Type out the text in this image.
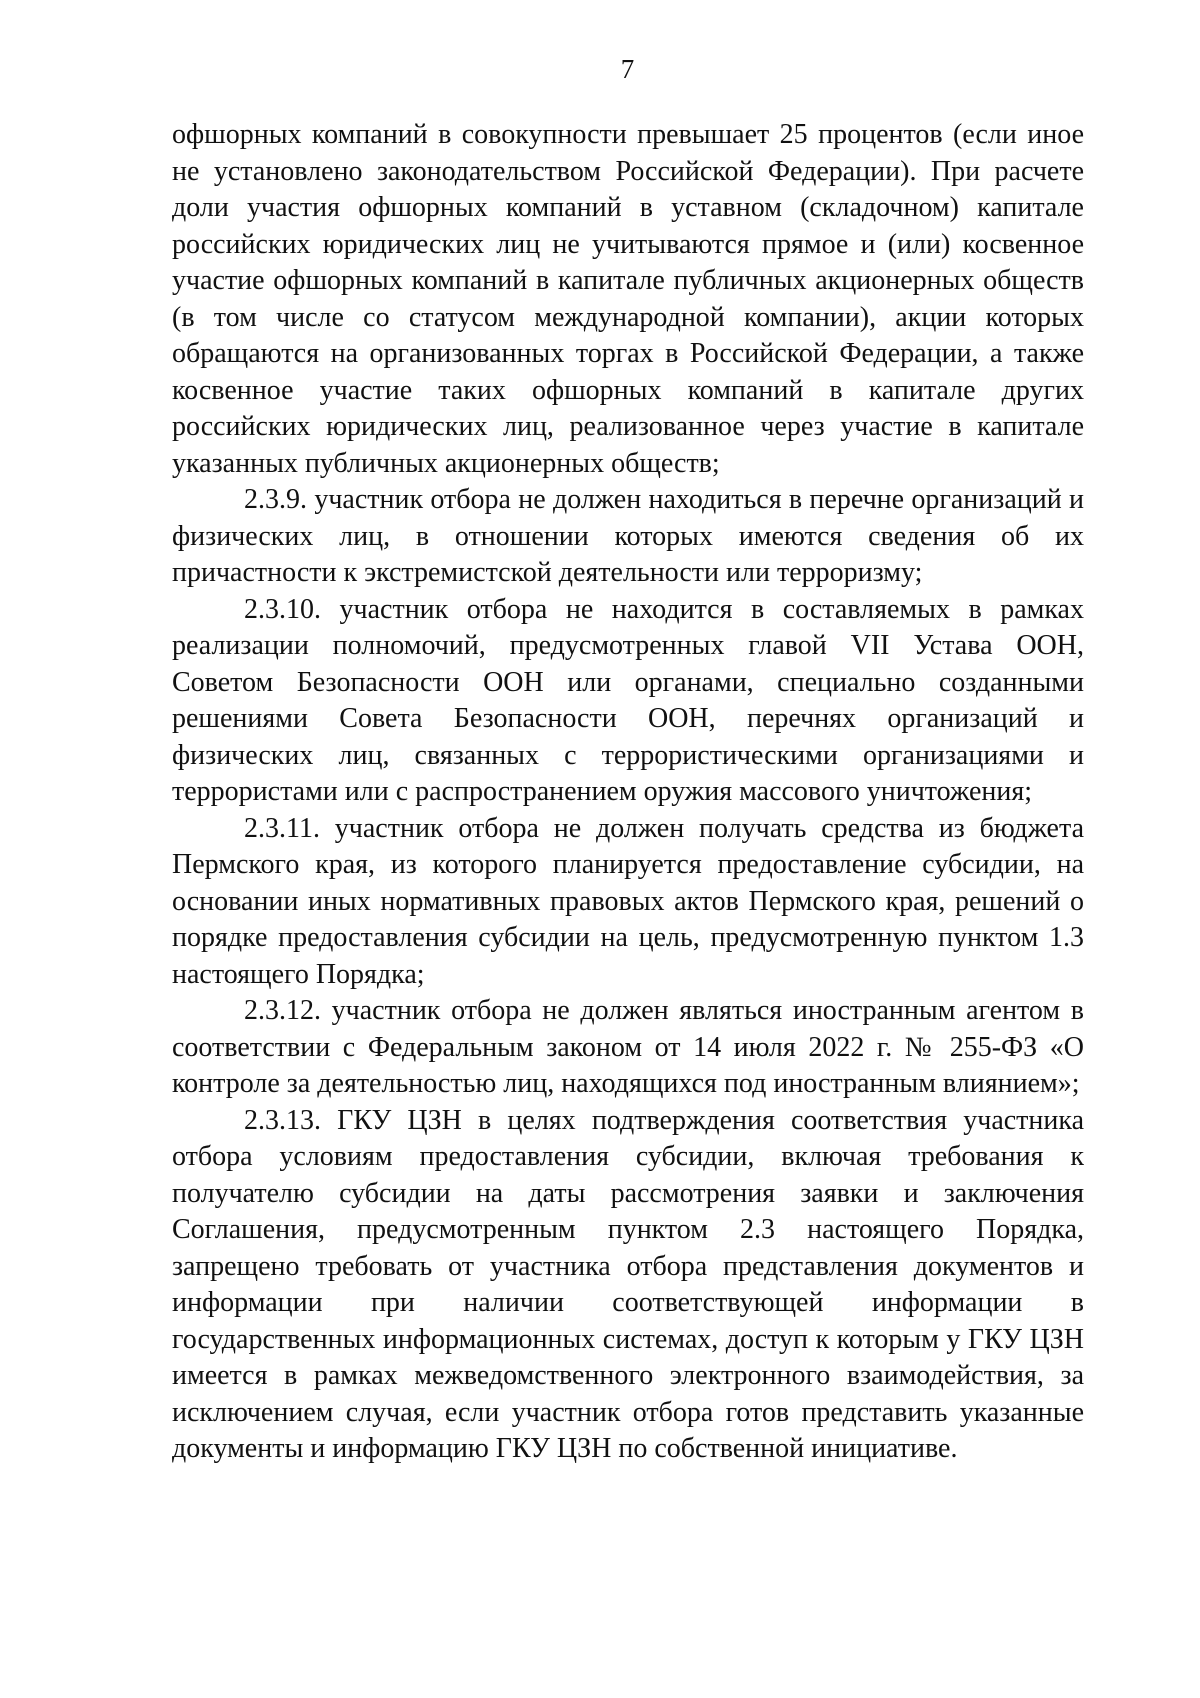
7

офшорных компаний в совокупности превышает 25 процентов (если иное не установлено законодательством Российской Федерации). При расчете доли участия офшорных компаний в уставном (складочном) капитале российских юридических лиц не учитываются прямое и (или) косвенное участие офшорных компаний в капитале публичных акционерных обществ (в том числе со статусом международной компании), акции которых обращаются на организованных торгах в Российской Федерации, а также косвенное участие таких офшорных компаний в капитале других российских юридических лиц, реализованное через участие в капитале указанных публичных акционерных обществ;

2.3.9. участник отбора не должен находиться в перечне организаций и физических лиц, в отношении которых имеются сведения об их причастности к экстремистской деятельности или терроризму;

2.3.10. участник отбора не находится в составляемых в рамках реализации полномочий, предусмотренных главой VII Устава ООН, Советом Безопасности ООН или органами, специально созданными решениями Совета Безопасности ООН, перечнях организаций и физических лиц, связанных с террористическими организациями и террористами или с распространением оружия массового уничтожения;

2.3.11. участник отбора не должен получать средства из бюджета Пермского края, из которого планируется предоставление субсидии, на основании иных нормативных правовых актов Пермского края, решений о порядке предоставления субсидии на цель, предусмотренную пунктом 1.3 настоящего Порядка;

2.3.12. участник отбора не должен являться иностранным агентом в соответствии с Федеральным законом от 14 июля 2022 г. № 255-ФЗ «О контроле за деятельностью лиц, находящихся под иностранным влиянием»;

2.3.13. ГКУ ЦЗН в целях подтверждения соответствия участника отбора условиям предоставления субсидии, включая требования к получателю субсидии на даты рассмотрения заявки и заключения Соглашения, предусмотренным пунктом 2.3 настоящего Порядка, запрещено требовать от участника отбора представления документов и информации при наличии соответствующей информации в государственных информационных системах, доступ к которым у ГКУ ЦЗН имеется в рамках межведомственного электронного взаимодействия, за исключением случая, если участник отбора готов представить указанные документы и информацию ГКУ ЦЗН по собственной инициативе.
